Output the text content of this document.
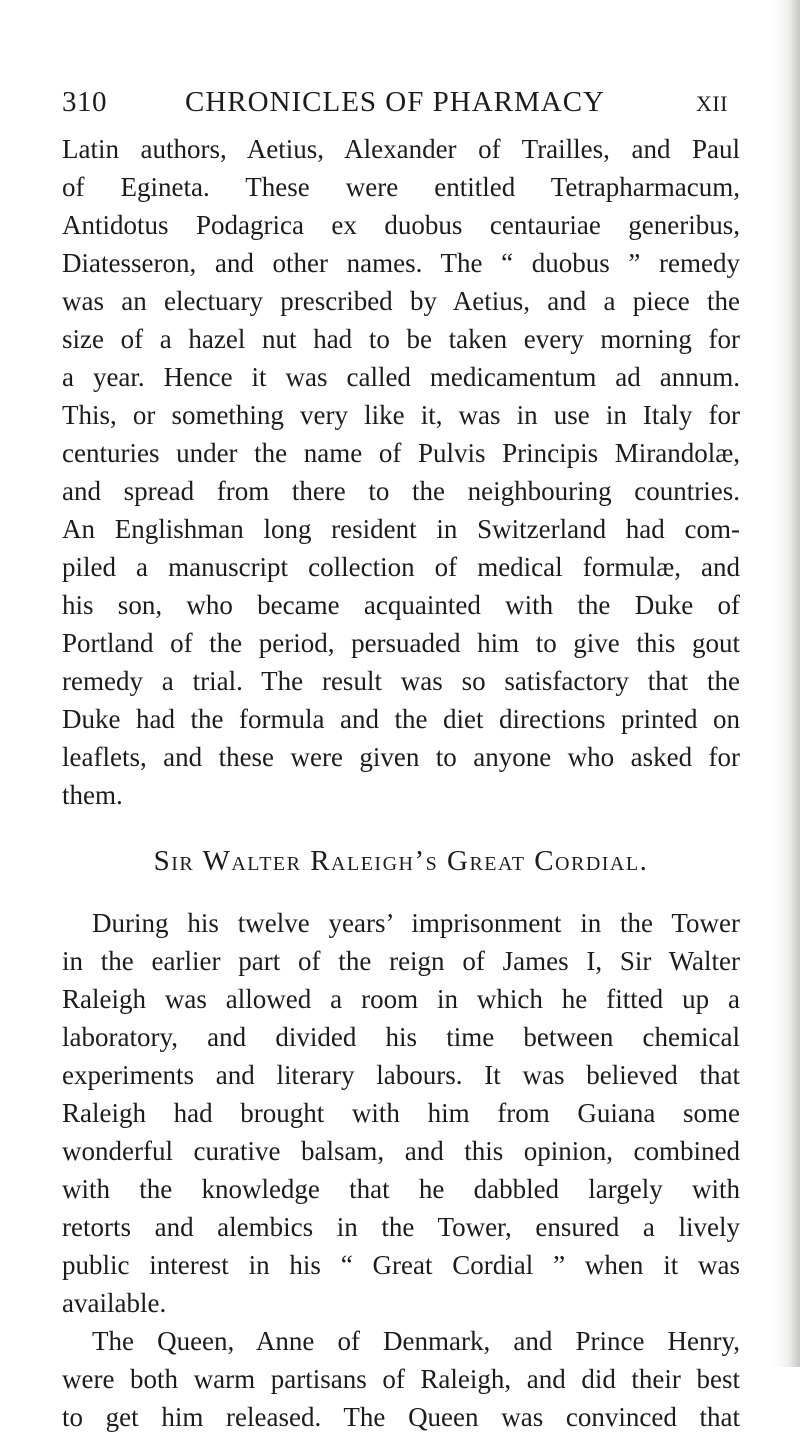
310	CHRONICLES OF PHARMACY	XII
Latin authors, Aetius, Alexander of Trailles, and Paul
of Egineta. These were entitled Tetrapharmacum,
Antidotus Podagrica ex duobus centauriae generibus,
Diatesseron, and other names. The “ duobus ” remedy
was an electuary prescribed by Aetius, and a piece the
size of a hazel nut had to be taken every morning for
a year. Hence it was called medicamentum ad annum.
This, or something very like it, was in use in Italy for
centuries under the name of Pulvis Principis Mirandolæ,
and spread from there to the neighbouring countries.
An Englishman long resident in Switzerland had com-
piled a manuscript collection of medical formulæ, and
his son, who became acquainted with the Duke of
Portland of the period, persuaded him to give this gout
remedy a trial. The result was so satisfactory that the
Duke had the formula and the diet directions printed on
leaflets, and these were given to anyone who asked for
them.
Sir Walter Raleigh’s Great Cordial.
During his twelve years’ imprisonment in the Tower
in the earlier part of the reign of James I, Sir Walter
Raleigh was allowed a room in which he fitted up a
laboratory, and divided his time between chemical
experiments and literary labours. It was believed that
Raleigh had brought with him from Guiana some
wonderful curative balsam, and this opinion, combined
with the knowledge that he dabbled largely with
retorts and alembics in the Tower, ensured a lively
public interest in his “ Great Cordial ” when it was
available.
The Queen, Anne of Denmark, and Prince Henry,
were both warm partisans of Raleigh, and did their best
to get him released. The Queen was convinced that
